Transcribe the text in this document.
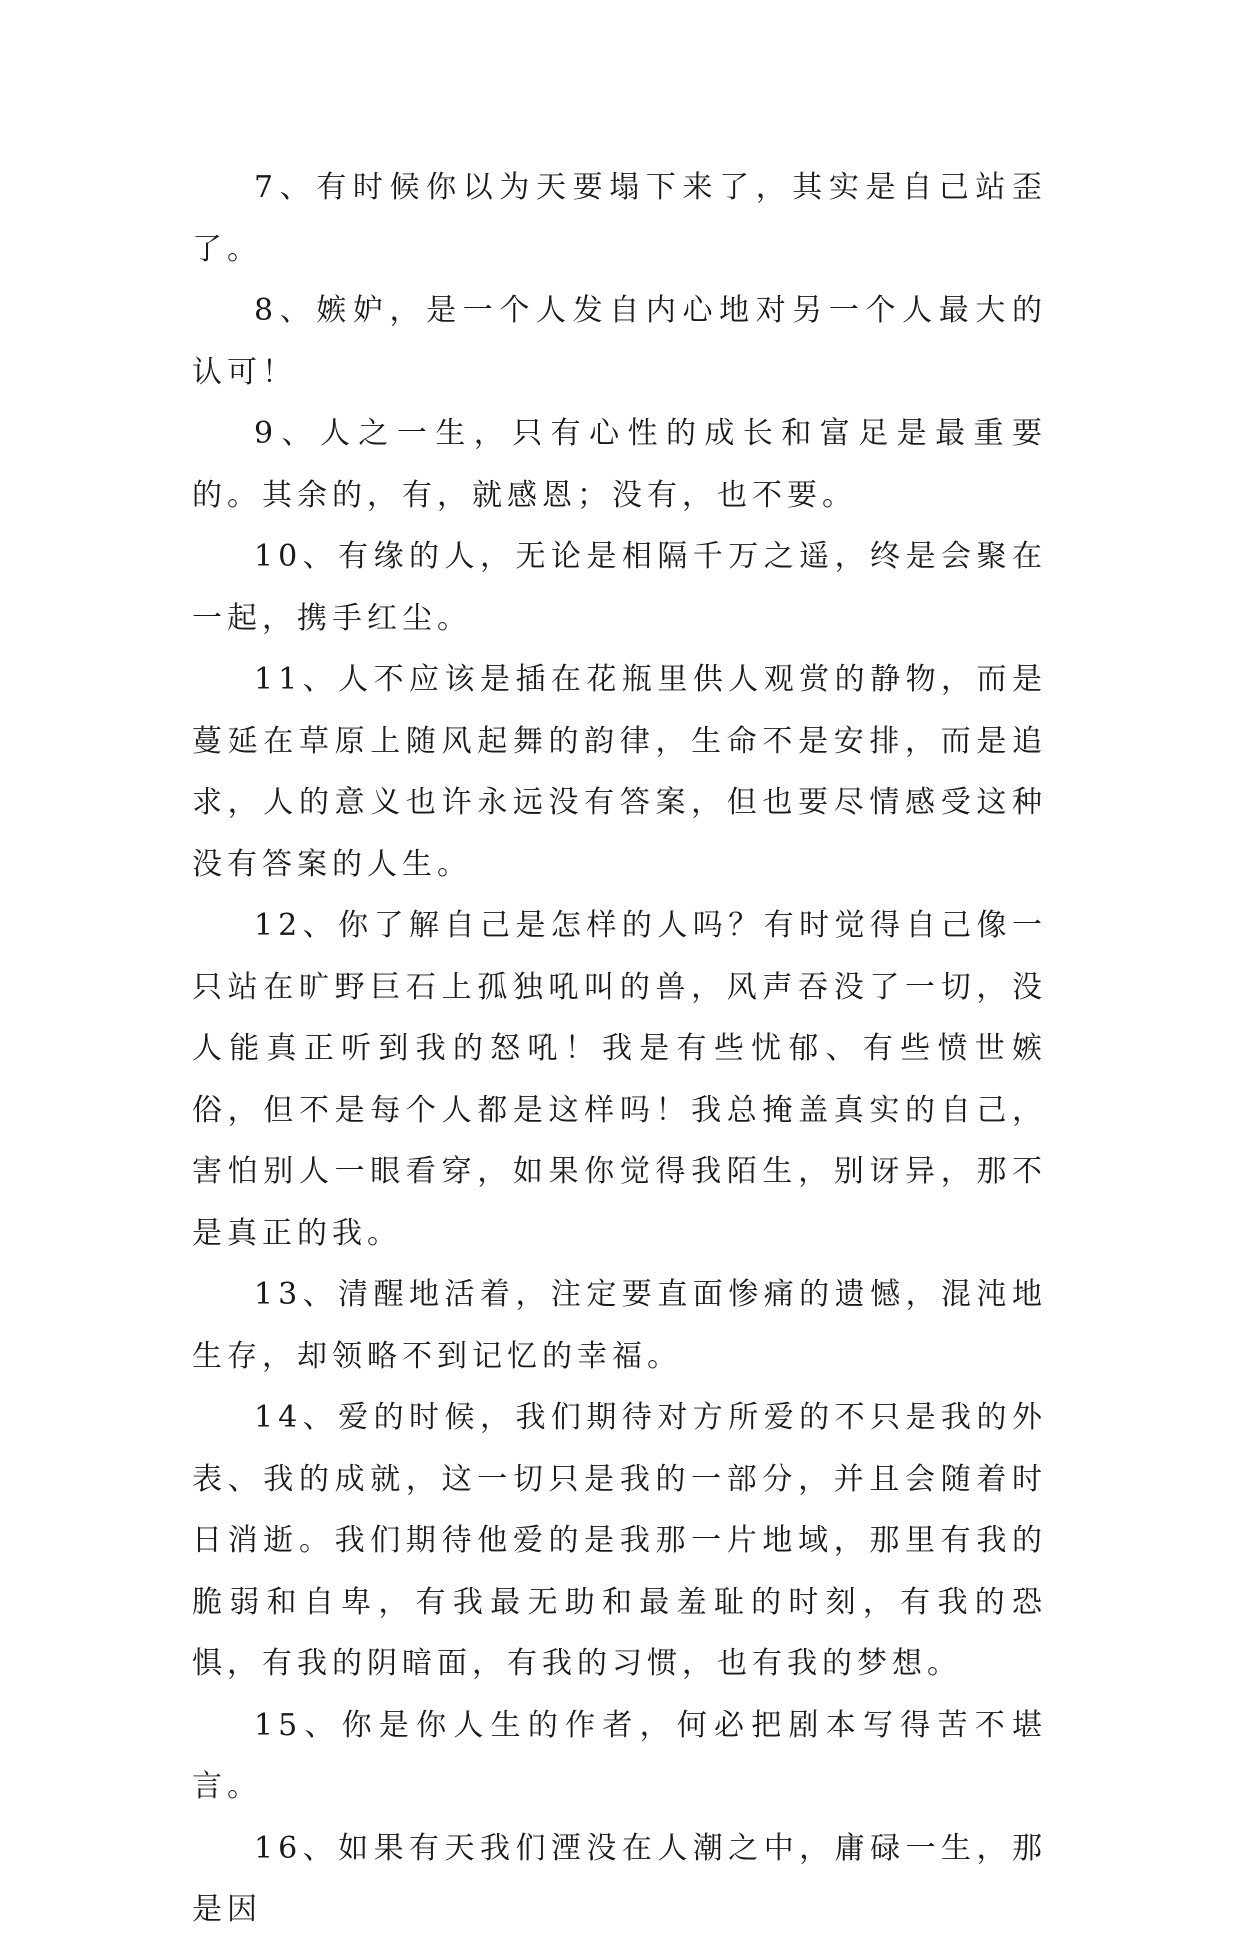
7、有时候你以为天要塌下来了，其实是自己站歪了。

8、嫉妒，是一个人发自内心地对另一个人最大的认可！

9、人之一生，只有心性的成长和富足是最重要的。其余的，有，就感恩；没有，也不要。

10、有缘的人，无论是相隔千万之遥，终是会聚在一起，携手红尘。

11、人不应该是插在花瓶里供人观赏的静物，而是蔓延在草原上随风起舞的韵律，生命不是安排，而是追求，人的意义也许永远没有答案，但也要尽情感受这种没有答案的人生。

12、你了解自己是怎样的人吗？有时觉得自己像一只站在旷野巨石上孤独吼叫的兽，风声吞没了一切，没人能真正听到我的怒吼！我是有些忧郁、有些愤世嫉俗，但不是每个人都是这样吗！我总掩盖真实的自己，害怕别人一眼看穿，如果你觉得我陌生，别讶异，那不是真正的我。

13、清醒地活着，注定要直面惨痛的遗憾，混沌地生存，却领略不到记忆的幸福。

14、爱的时候，我们期待对方所爱的不只是我的外表、我的成就，这一切只是我的一部分，并且会随着时日消逝。我们期待他爱的是我那一片地域，那里有我的脆弱和自卑，有我最无助和最羞耻的时刻，有我的恐惧，有我的阴暗面，有我的习惯，也有我的梦想。

15、你是你人生的作者，何必把剧本写得苦不堪言。

16、如果有天我们湮没在人潮之中，庸碌一生，那是因
